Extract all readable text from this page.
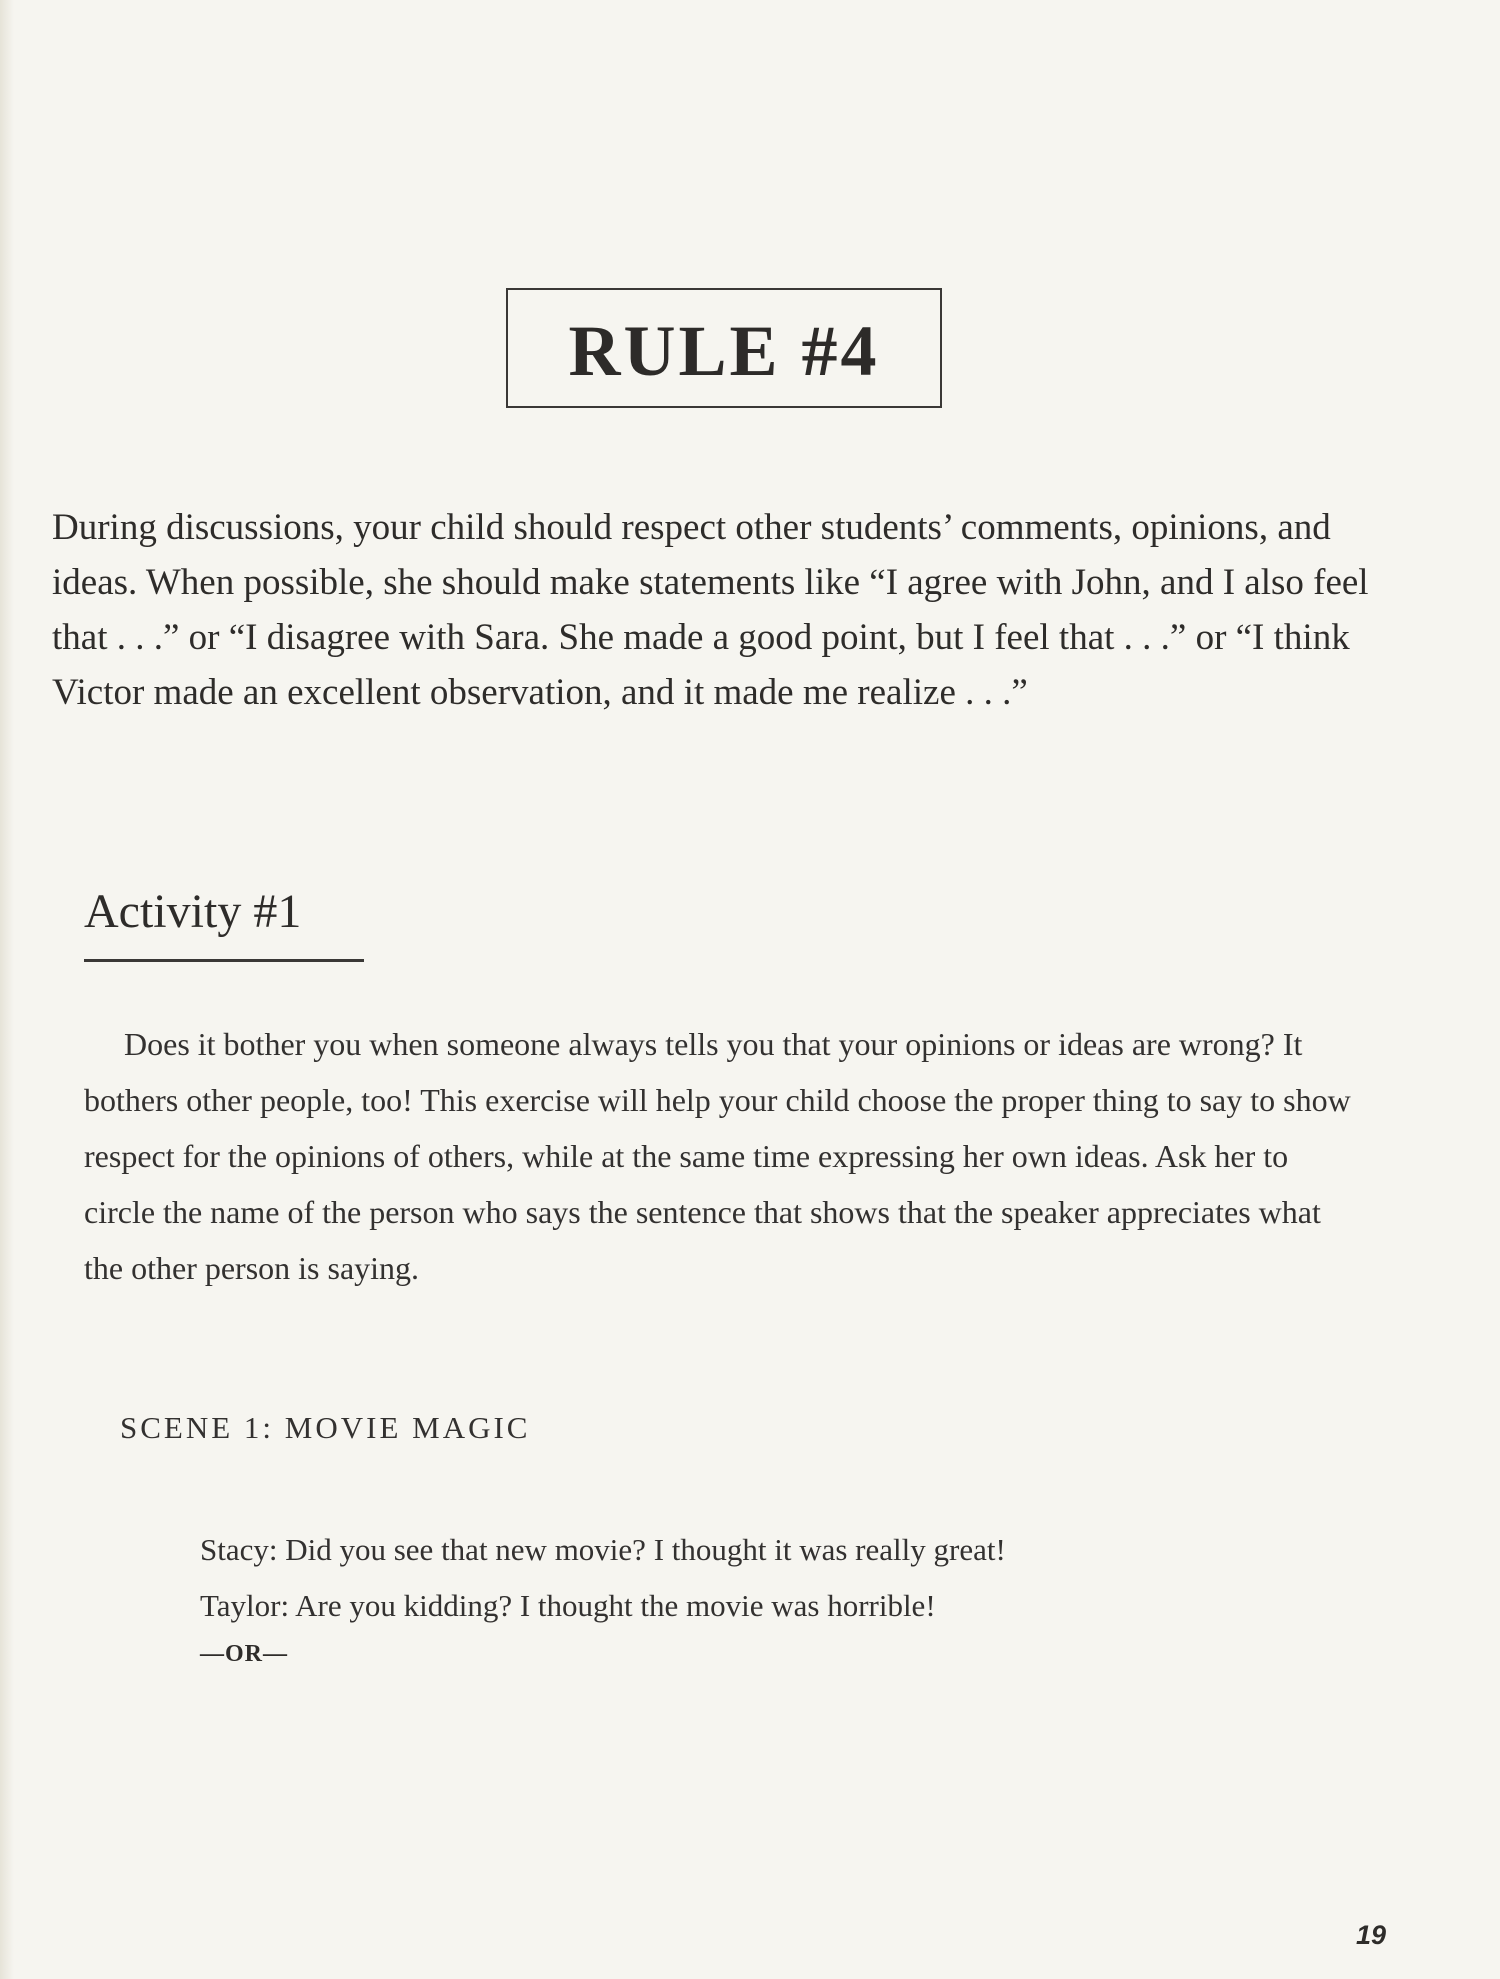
RULE #4

During discussions, your child should respect other students’ comments, opinions, and ideas. When possible, she should make statements like “I agree with John, and I also feel that . . .” or “I disagree with Sara. She made a good point, but I feel that . . .” or “I think Victor made an excellent observation, and it made me realize . . .”

Activity #1

Does it bother you when someone always tells you that your opinions or ideas are wrong? It bothers other people, too! This exercise will help your child choose the proper thing to say to show respect for the opinions of others, while at the same time expressing her own ideas. Ask her to circle the name of the person who says the sentence that shows that the speaker appreciates what the other person is saying.

SCENE 1: MOVIE MAGIC
Stacy: Did you see that new movie? I thought it was really great!
Taylor: Are you kidding? I thought the movie was horrible!
—OR—
19
